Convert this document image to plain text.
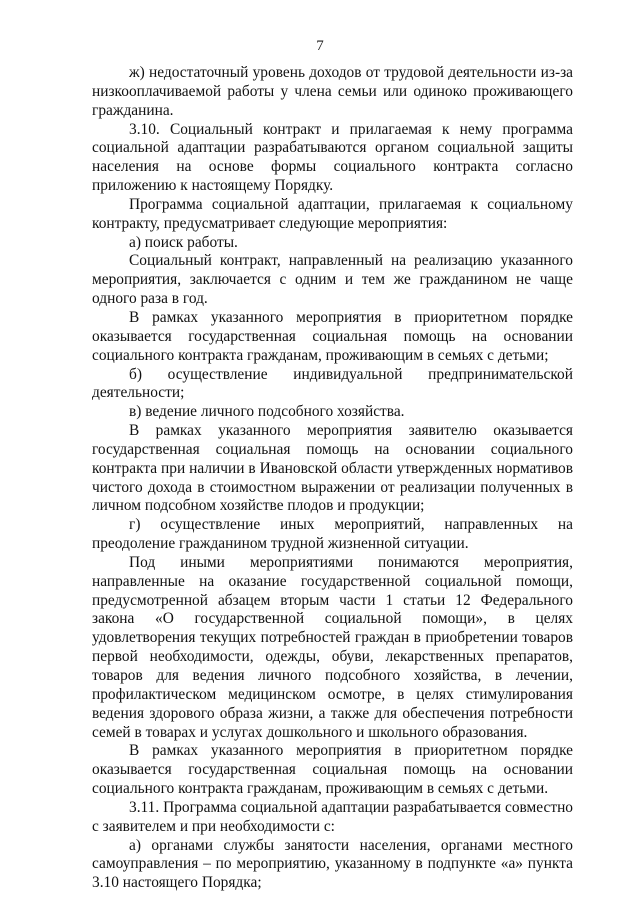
7

ж) недостаточный уровень доходов от трудовой деятельности из-за низкооплачиваемой работы у члена семьи или одиноко проживающего гражданина.

3.10. Социальный контракт и прилагаемая к нему программа социальной адаптации разрабатываются органом социальной защиты населения на основе формы социального контракта согласно приложению к настоящему Порядку.

Программа социальной адаптации, прилагаемая к социальному контракту, предусматривает следующие мероприятия:

а) поиск работы.

Социальный контракт, направленный на реализацию указанного мероприятия, заключается с одним и тем же гражданином не чаще одного раза в год.

В рамках указанного мероприятия в приоритетном порядке оказывается государственная социальная помощь на основании социального контракта гражданам, проживающим в семьях с детьми;

б) осуществление индивидуальной предпринимательской деятельности;

в) ведение личного подсобного хозяйства.

В рамках указанного мероприятия заявителю оказывается государственная социальная помощь на основании социального контракта при наличии в Ивановской области утвержденных нормативов чистого дохода в стоимостном выражении от реализации полученных в личном подсобном хозяйстве плодов и продукции;

г) осуществление иных мероприятий, направленных на преодоление гражданином трудной жизненной ситуации.

Под иными мероприятиями понимаются мероприятия, направленные на оказание государственной социальной помощи, предусмотренной абзацем вторым части 1 статьи 12 Федерального закона «О государственной социальной помощи», в целях удовлетворения текущих потребностей граждан в приобретении товаров первой необходимости, одежды, обуви, лекарственных препаратов, товаров для ведения личного подсобного хозяйства, в лечении, профилактическом медицинском осмотре, в целях стимулирования ведения здорового образа жизни, а также для обеспечения потребности семей в товарах и услугах дошкольного и школьного образования.

В рамках указанного мероприятия в приоритетном порядке оказывается государственная социальная помощь на основании социального контракта гражданам, проживающим в семьях с детьми.

3.11. Программа социальной адаптации разрабатывается совместно с заявителем и при необходимости с:

а) органами службы занятости населения, органами местного самоуправления – по мероприятию, указанному в подпункте «а» пункта 3.10 настоящего Порядка;
